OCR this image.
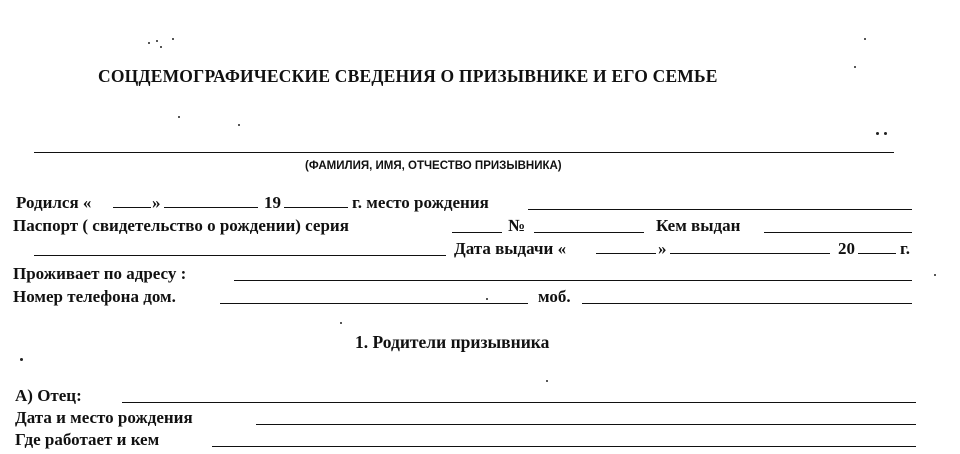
СОЦДЕМОГРАФИЧЕСКИЕ СВЕДЕНИЯ О ПРИЗЫВНИКЕ И ЕГО СЕМЬЕ
(ФАМИЛИЯ, ИМЯ, ОТЧЕСТВО ПРИЗЫВНИКА)
Родился «	»	19	г. место рождения
Паспорт ( свидетельство о рождении) серия	№	Кем выдан
Дата выдачи «	»	20	г.
Проживает по адресу :
Номер телефона дом.	моб.
1. Родители призывника
А) Отец:
Дата и место рождения
Где работает и кем
